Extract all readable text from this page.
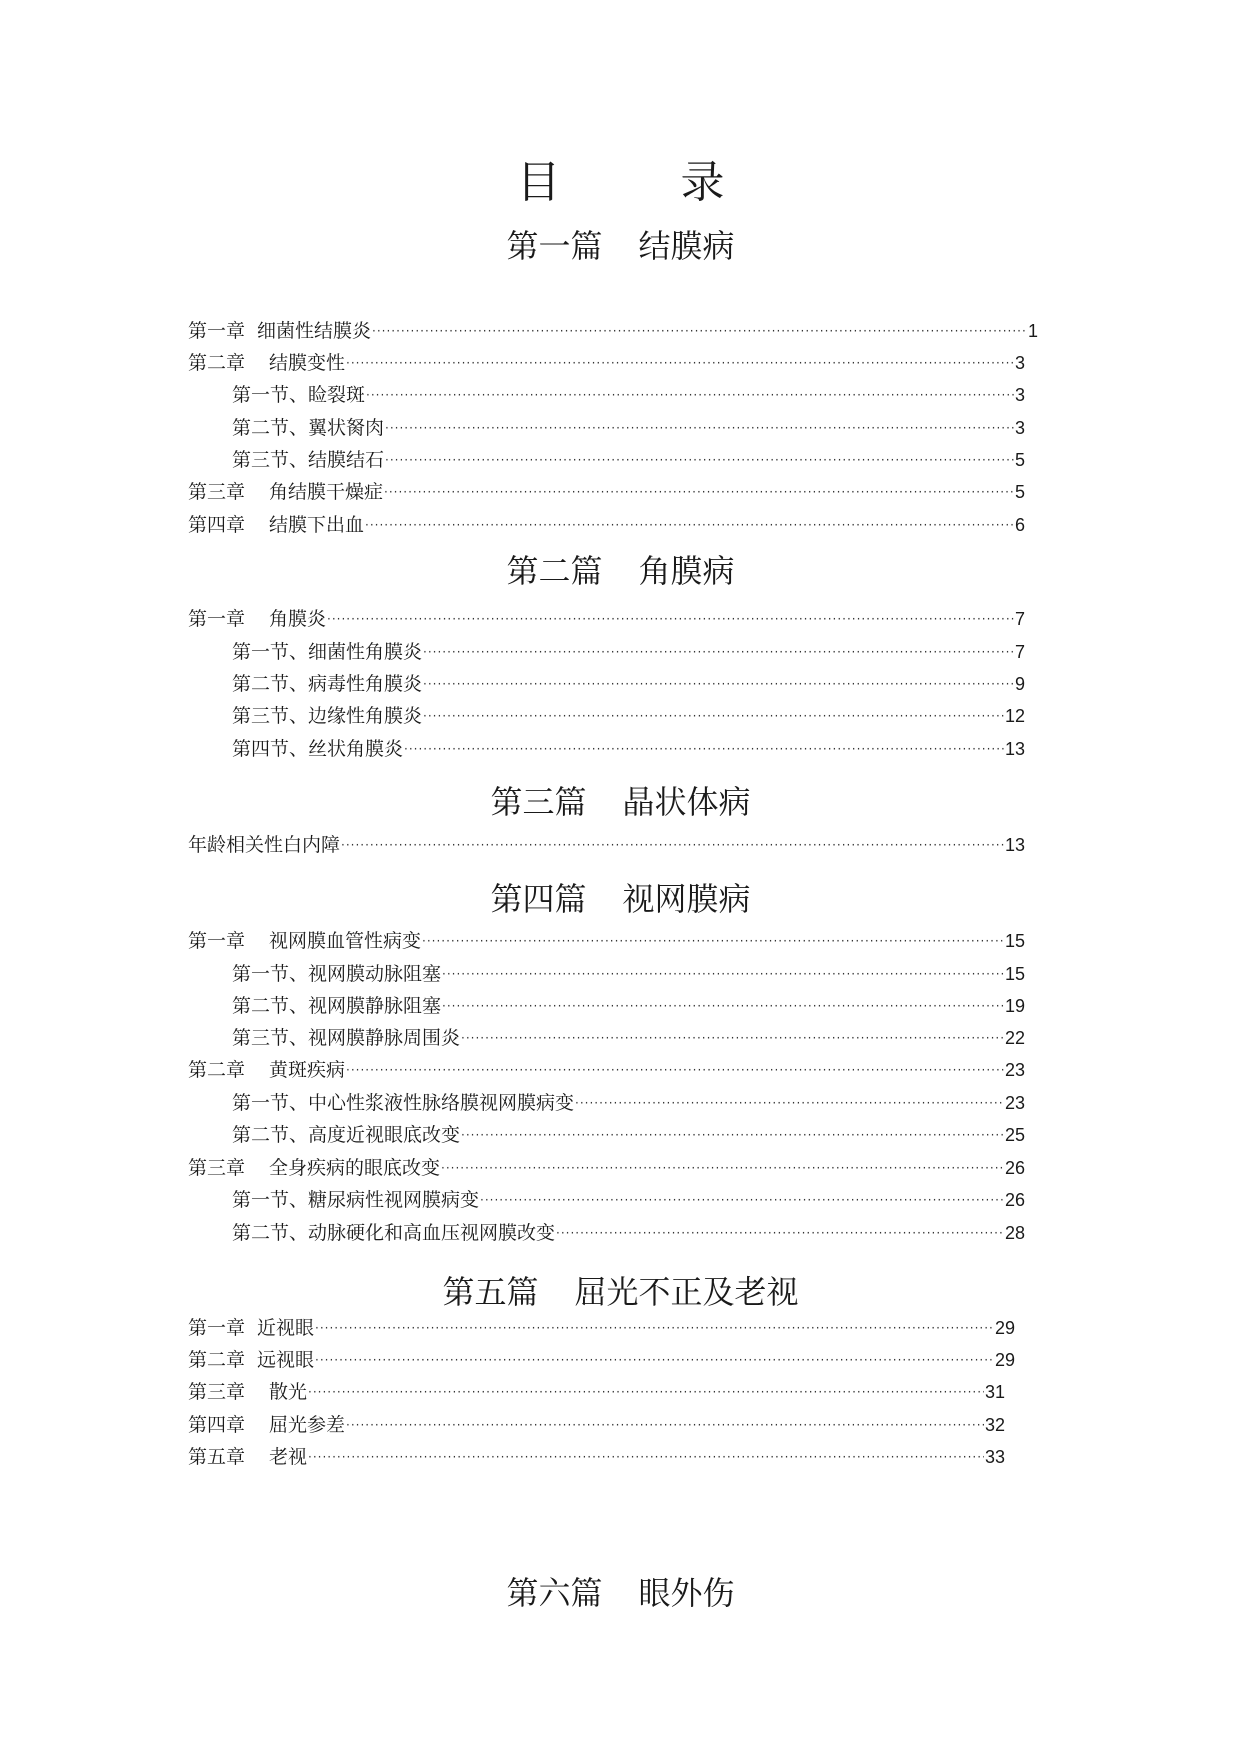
目　录
第一篇 结膜病
第二篇 角膜病
第三篇 晶状体病
第四篇 视网膜病
第五篇 屈光不正及老视
第六篇 眼外伤
第一章 细菌性结膜炎 ·····	1
第二章 结膜变性 ·····	3
第一节、睑裂斑 ·····	3
第二节、翼状胬肉 ·····	3
第三节、结膜结石 ·····	5
第三章 角结膜干燥症 ·····	5
第四章 结膜下出血 ·····	6
第一章 角膜炎 ·····	7
第一节、细菌性角膜炎 ·····	7
第二节、病毒性角膜炎 ·····	9
第三节、边缘性角膜炎 ·····	12
第四节、丝状角膜炎 ·····	13
年龄相关性白内障 ·····	13
第一章 视网膜血管性病变 ·····	15
第一节、视网膜动脉阻塞 ·····	15
第二节、视网膜静脉阻塞 ·····	19
第三节、视网膜静脉周围炎 ·····	22
第二章 黄斑疾病 ·····	23
第一节、中心性浆液性脉络膜视网膜病变 ·····	23
第二节、高度近视眼底改变 ·····	25
第三章 全身疾病的眼底改变 ·····	26
第一节、糖尿病性视网膜病变 ·····	26
第二节、动脉硬化和高血压视网膜改变 ·····	28
第一章 近视眼 ·····	29
第二章 远视眼 ·····	29
第三章 散光 ·····	31
第四章 屈光参差 ·····	32
第五章 老视 ·····	33
